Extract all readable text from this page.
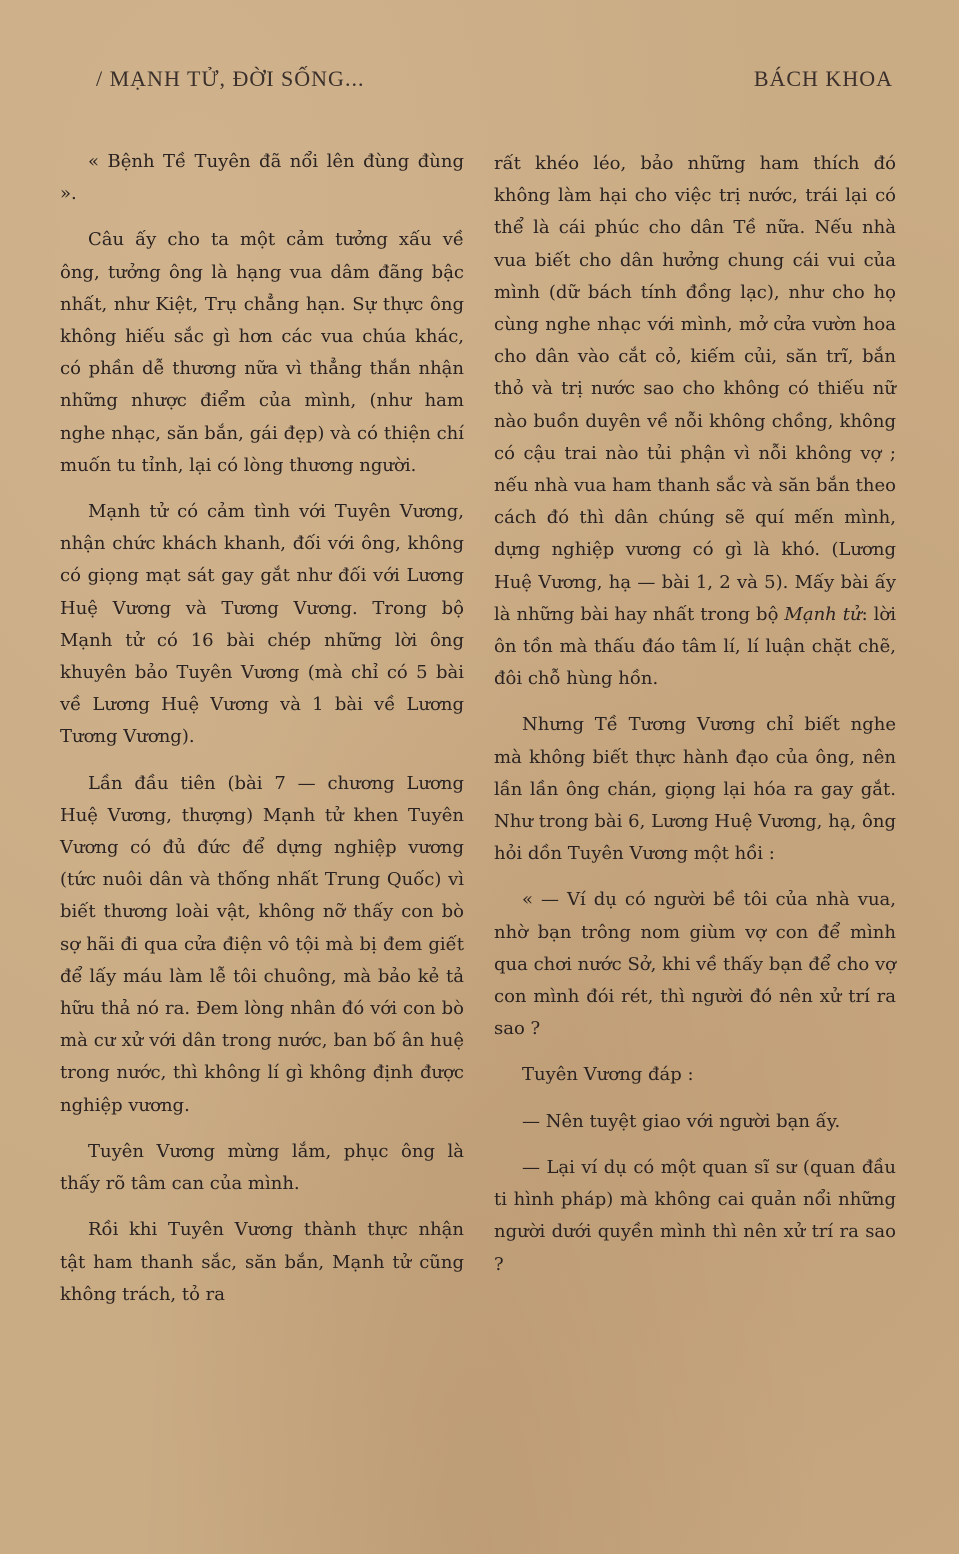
/ MẠNH TỬ, ĐỜI SỐNG...	BÁCH KHOA

« Bệnh Tề Tuyên đã nổi lên đùng đùng ».

Câu ấy cho ta một cảm tưởng xấu về ông, tưởng ông là hạng vua dâm đãng bậc nhất, như Kiệt, Trụ chẳng hạn. Sự thực ông không hiếu sắc gì hơn các vua chúa khác, có phần dễ thương nữa vì thẳng thắn nhận những nhược điểm của mình, (như ham nghe nhạc, săn bắn, gái đẹp) và có thiện chí muốn tu tỉnh, lại có lòng thương người.

Mạnh tử có cảm tình với Tuyên Vương, nhận chức khách khanh, đối với ông, không có giọng mạt sát gay gắt như đối với Lương Huệ Vương và Tương Vương. Trong bộ Mạnh tử có 16 bài chép những lời ông khuyên bảo Tuyên Vương (mà chỉ có 5 bài về Lương Huệ Vương và 1 bài về Lương Tương Vương).

Lần đầu tiên (bài 7 — chương Lương Huệ Vương, thượng) Mạnh tử khen Tuyên Vương có đủ đức để dựng nghiệp vương (tức nuôi dân và thống nhất Trung Quốc) vì biết thương loài vật, không nỡ thấy con bò sợ hãi đi qua cửa điện vô tội mà bị đem giết để lấy máu làm lễ tôi chuông, mà bảo kẻ tả hữu thả nó ra. Đem lòng nhân đó với con bò mà cư xử với dân trong nước, ban bố ân huệ trong nước, thì không lí gì không định được nghiệp vương.

Tuyên Vương mừng lắm, phục ông là thấy rõ tâm can của mình.

Rồi khi Tuyên Vương thành thực nhận tật ham thanh sắc, săn bắn, Mạnh tử cũng không trách, tỏ ra

rất khéo léo, bảo những ham thích đó không làm hại cho việc trị nước, trái lại có thể là cái phúc cho dân Tề nữa. Nếu nhà vua biết cho dân hưởng chung cái vui của mình (dữ bách tính đồng lạc), như cho họ cùng nghe nhạc với mình, mở cửa vườn hoa cho dân vào cắt cỏ, kiếm củi, săn trĩ, bắn thỏ và trị nước sao cho không có thiếu nữ nào buồn duyên về nỗi không chồng, không có cậu trai nào tủi phận vì nỗi không vợ ; nếu nhà vua ham thanh sắc và săn bắn theo cách đó thì dân chúng sẽ quí mến mình, dựng nghiệp vương có gì là khó. (Lương Huệ Vương, hạ — bài 1, 2 và 5). Mấy bài ấy là những bài hay nhất trong bộ Mạnh tử: lời ôn tồn mà thấu đáo tâm lí, lí luận chặt chẽ, đôi chỗ hùng hồn.

Nhưng Tề Tương Vương chỉ biết nghe mà không biết thực hành đạo của ông, nên lần lần ông chán, giọng lại hóa ra gay gắt. Như trong bài 6, Lương Huệ Vương, hạ, ông hỏi dồn Tuyên Vương một hồi :

« — Ví dụ có người bề tôi của nhà vua, nhờ bạn trông nom giùm vợ con để mình qua chơi nước Sở, khi về thấy bạn để cho vợ con mình đói rét, thì người đó nên xử trí ra sao ?

Tuyên Vương đáp :

— Nên tuyệt giao với người bạn ấy.

— Lại ví dụ có một quan sĩ sư (quan đầu ti hình pháp) mà không cai quản nổi những người dưới quyền mình thì nên xử trí ra sao ?
